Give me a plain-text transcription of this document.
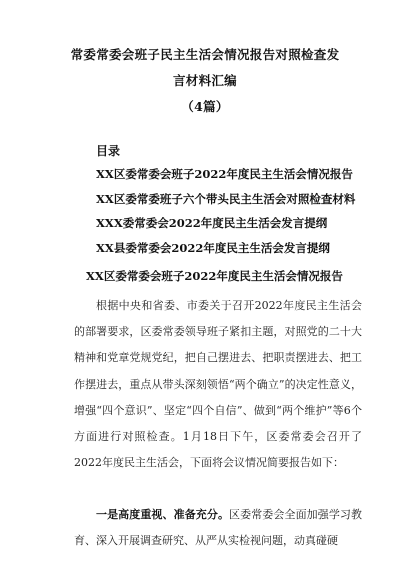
常委常委会班子民主生活会情况报告对照检查发言材料汇编
（4篇）
目录
XX区委常委会班子2022年度民主生活会情况报告
XX区委常委班子六个带头民主生活会对照检查材料
XXX委常委会2022年度民主生活会发言提纲
XX县委常委会2022年度民主生活会发言提纲
XX区委常委会班子2022年度民主生活会情况报告

根据中央和省委、市委关于召开2022年度民主生活会的部署要求，区委常委领导班子紧扣主题，对照党的二十大精神和党章党规党纪，把自己摆进去、把职责摆进去、把工作摆进去，重点从带头深刻领悟“两个确立”的决定性意义，增强“四个意识”、坚定“四个自信”、做到“两个维护”等6个方面进行对照检查。1月18日下午，区委常委会召开了2022年度民主生活会，下面将会议情况简要报告如下：

一是高度重视、准备充分。区委常委会全面加强学习教育、深入开展调查研究、从严从实检视问题，动真碰硬
